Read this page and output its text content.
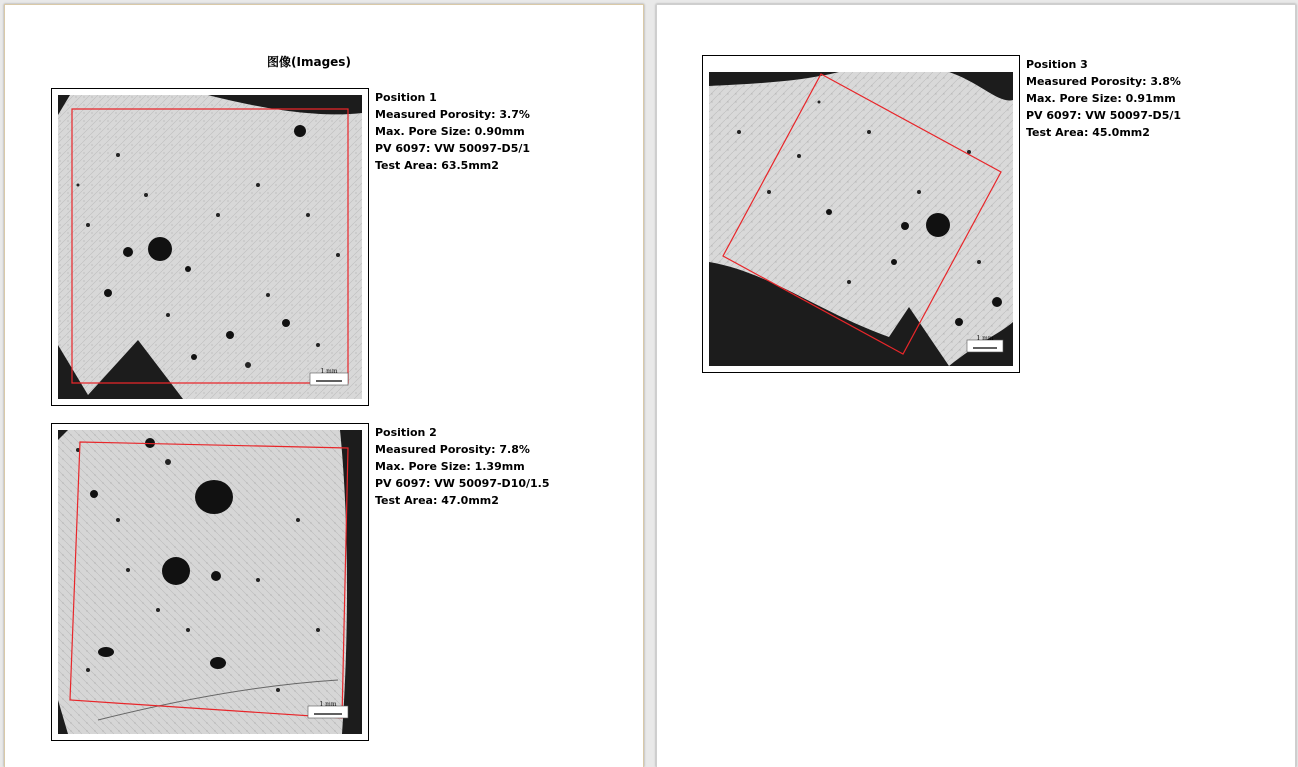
图像(Images)
1 mm
Position 1
Measured Porosity: 3.7%
Max. Pore Size: 0.90mm
PV 6097: VW 50097-D5/1
Test Area: 63.5mm2
1 mm
Position 2
Measured Porosity: 7.8%
Max. Pore Size: 1.39mm
PV 6097: VW 50097-D10/1.5
Test Area: 47.0mm2
1 mm
Position 3
Measured Porosity: 3.8%
Max. Pore Size: 0.91mm
PV 6097: VW 50097-D5/1
Test Area: 45.0mm2
